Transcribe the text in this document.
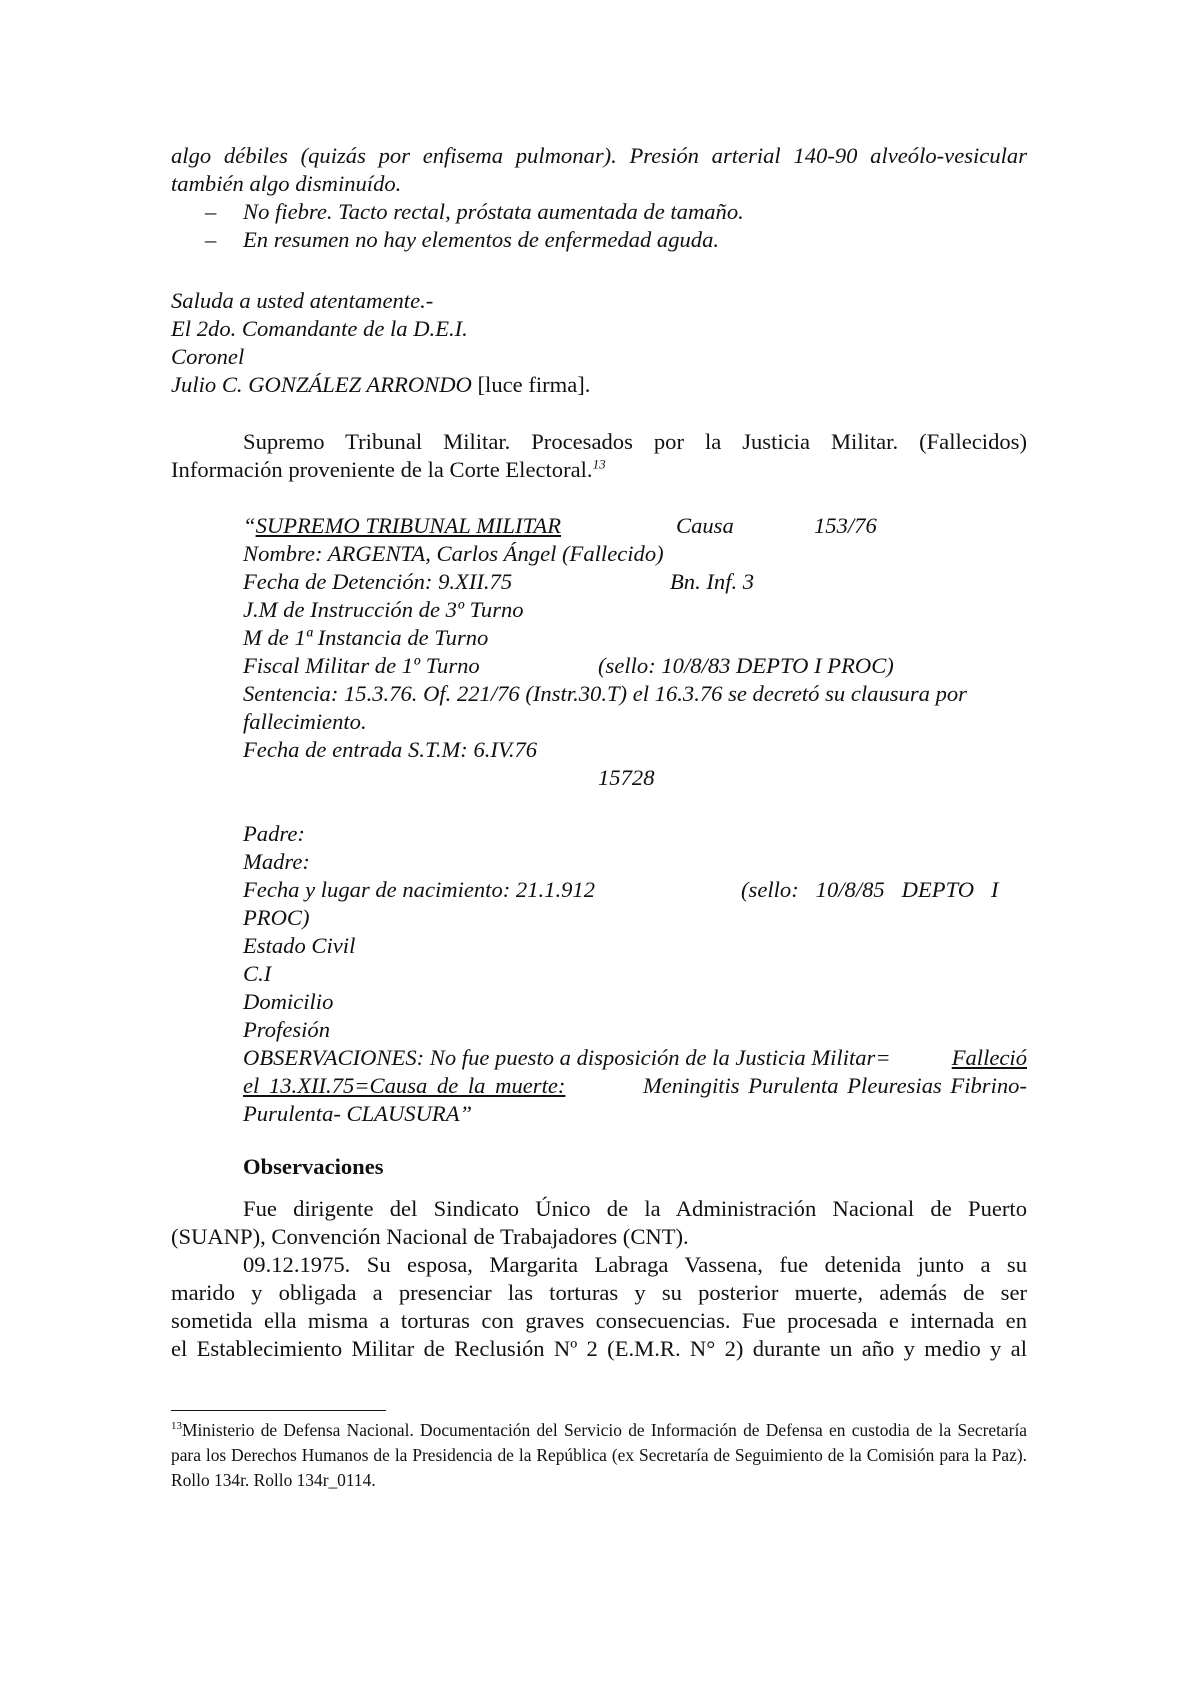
algo débiles (quizás por enfisema pulmonar). Presión arterial 140-90 alveólo-vesicular
también algo disminuído.
– No fiebre. Tacto rectal, próstata aumentada de tamaño.
– En resumen no hay elementos de enfermedad aguda.
Saluda a usted atentamente.-
El 2do. Comandante de la D.E.I.
Coronel
Julio C. GONZÁLEZ ARRONDO [luce firma].
Supremo Tribunal Militar. Procesados por la Justicia Militar. (Fallecidos)
Información proveniente de la Corte Electoral.$^{13}$
“SUPREMO TRIBUNAL MILITAR	Causa	153/76
Nombre: ARGENTA, Carlos Ángel (Fallecido)
Fecha de Detención: 9.XII.75	Bn. Inf. 3
J.M de Instrucción de 3º Turno
M de 1ª Instancia de Turno
Fiscal Militar de 1º Turno	(sello: 10/8/83 DEPTO I PROC)
Sentencia: 15.3.76. Of. 221/76 (Instr.30.T) el 16.3.76 se decretó su clausura por
fallecimiento.
Fecha de entrada S.T.M: 6.IV.76
15728
Padre:
Madre:
Fecha y lugar de nacimiento: 21.1.912	(sello:   10/8/85   DEPTO   I
PROC)
Estado Civil
C.I
Domicilio
Profesión
OBSERVACIONES: No fue puesto a disposición de la Justicia Militar=	Falleció
el 13.XII.75=Causa de la muerte:	Meningitis Purulenta Pleuresias Fibrino-
Purulenta- CLAUSURA”
Observaciones
Fue dirigente del Sindicato Único de la Administración Nacional de Puerto
(SUANP), Convención Nacional de Trabajadores (CNT).
09.12.1975. Su esposa, Margarita Labraga Vassena, fue detenida junto a su
marido y obligada a presenciar las torturas y su posterior muerte, además de ser
sometida ella misma a torturas con graves consecuencias. Fue procesada e internada en
el Establecimiento Militar de Reclusión Nº 2 (E.M.R. N° 2) durante un año y medio y al
$^{13}$Ministerio de Defensa Nacional. Documentación del Servicio de Información de Defensa en custodia de la Secretaría para los Derechos Humanos de la Presidencia de la República (ex Secretaría de Seguimiento de la Comisión para la Paz). Rollo 134r. Rollo 134r_0114.
